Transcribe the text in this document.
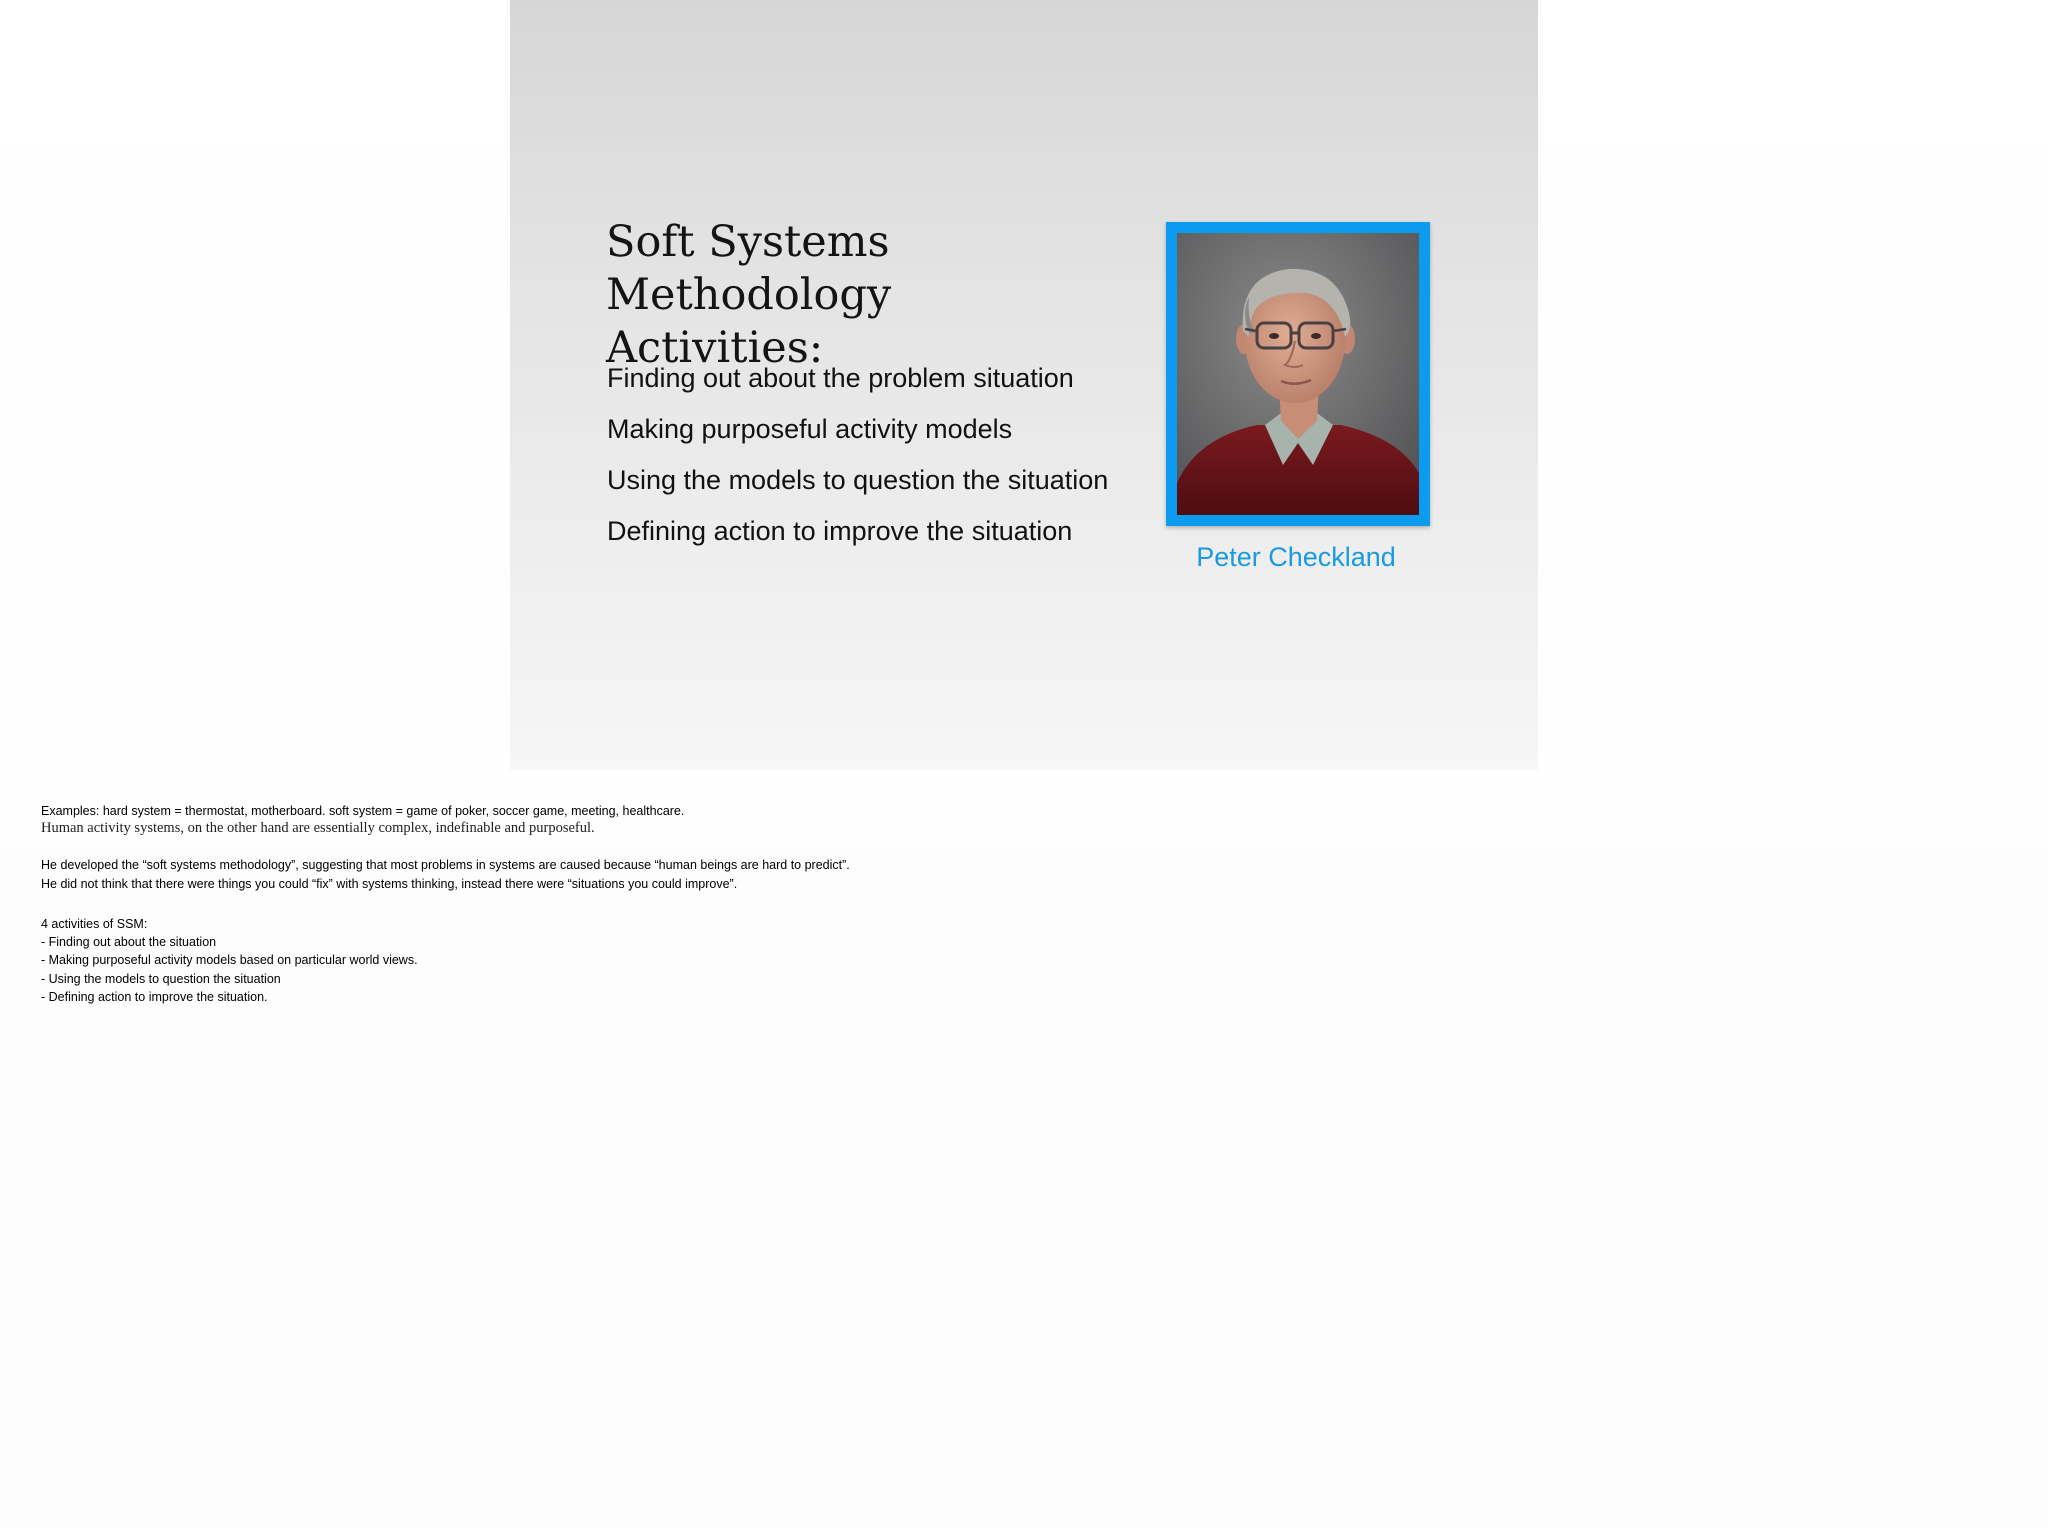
Soft Systems Methodology
Activities:
Finding out about the problem situation
Making purposeful activity models
Using the models to question the situation
Defining action to improve the situation
Peter Checkland
Examples: hard system = thermostat, motherboard. soft system = game of poker, soccer game, meeting, healthcare.
Human activity systems, on the other hand are essentially complex, indefinable and purposeful.
He developed the “soft systems methodology”, suggesting that most problems in systems are caused because “human beings are hard to predict”.
He did not think that there were things you could “fix” with systems thinking, instead there were “situations you could improve”.
4 activities of SSM:
- Finding out about the situation
- Making purposeful activity models based on particular world views.
- Using the models to question the situation
- Defining action to improve the situation.
